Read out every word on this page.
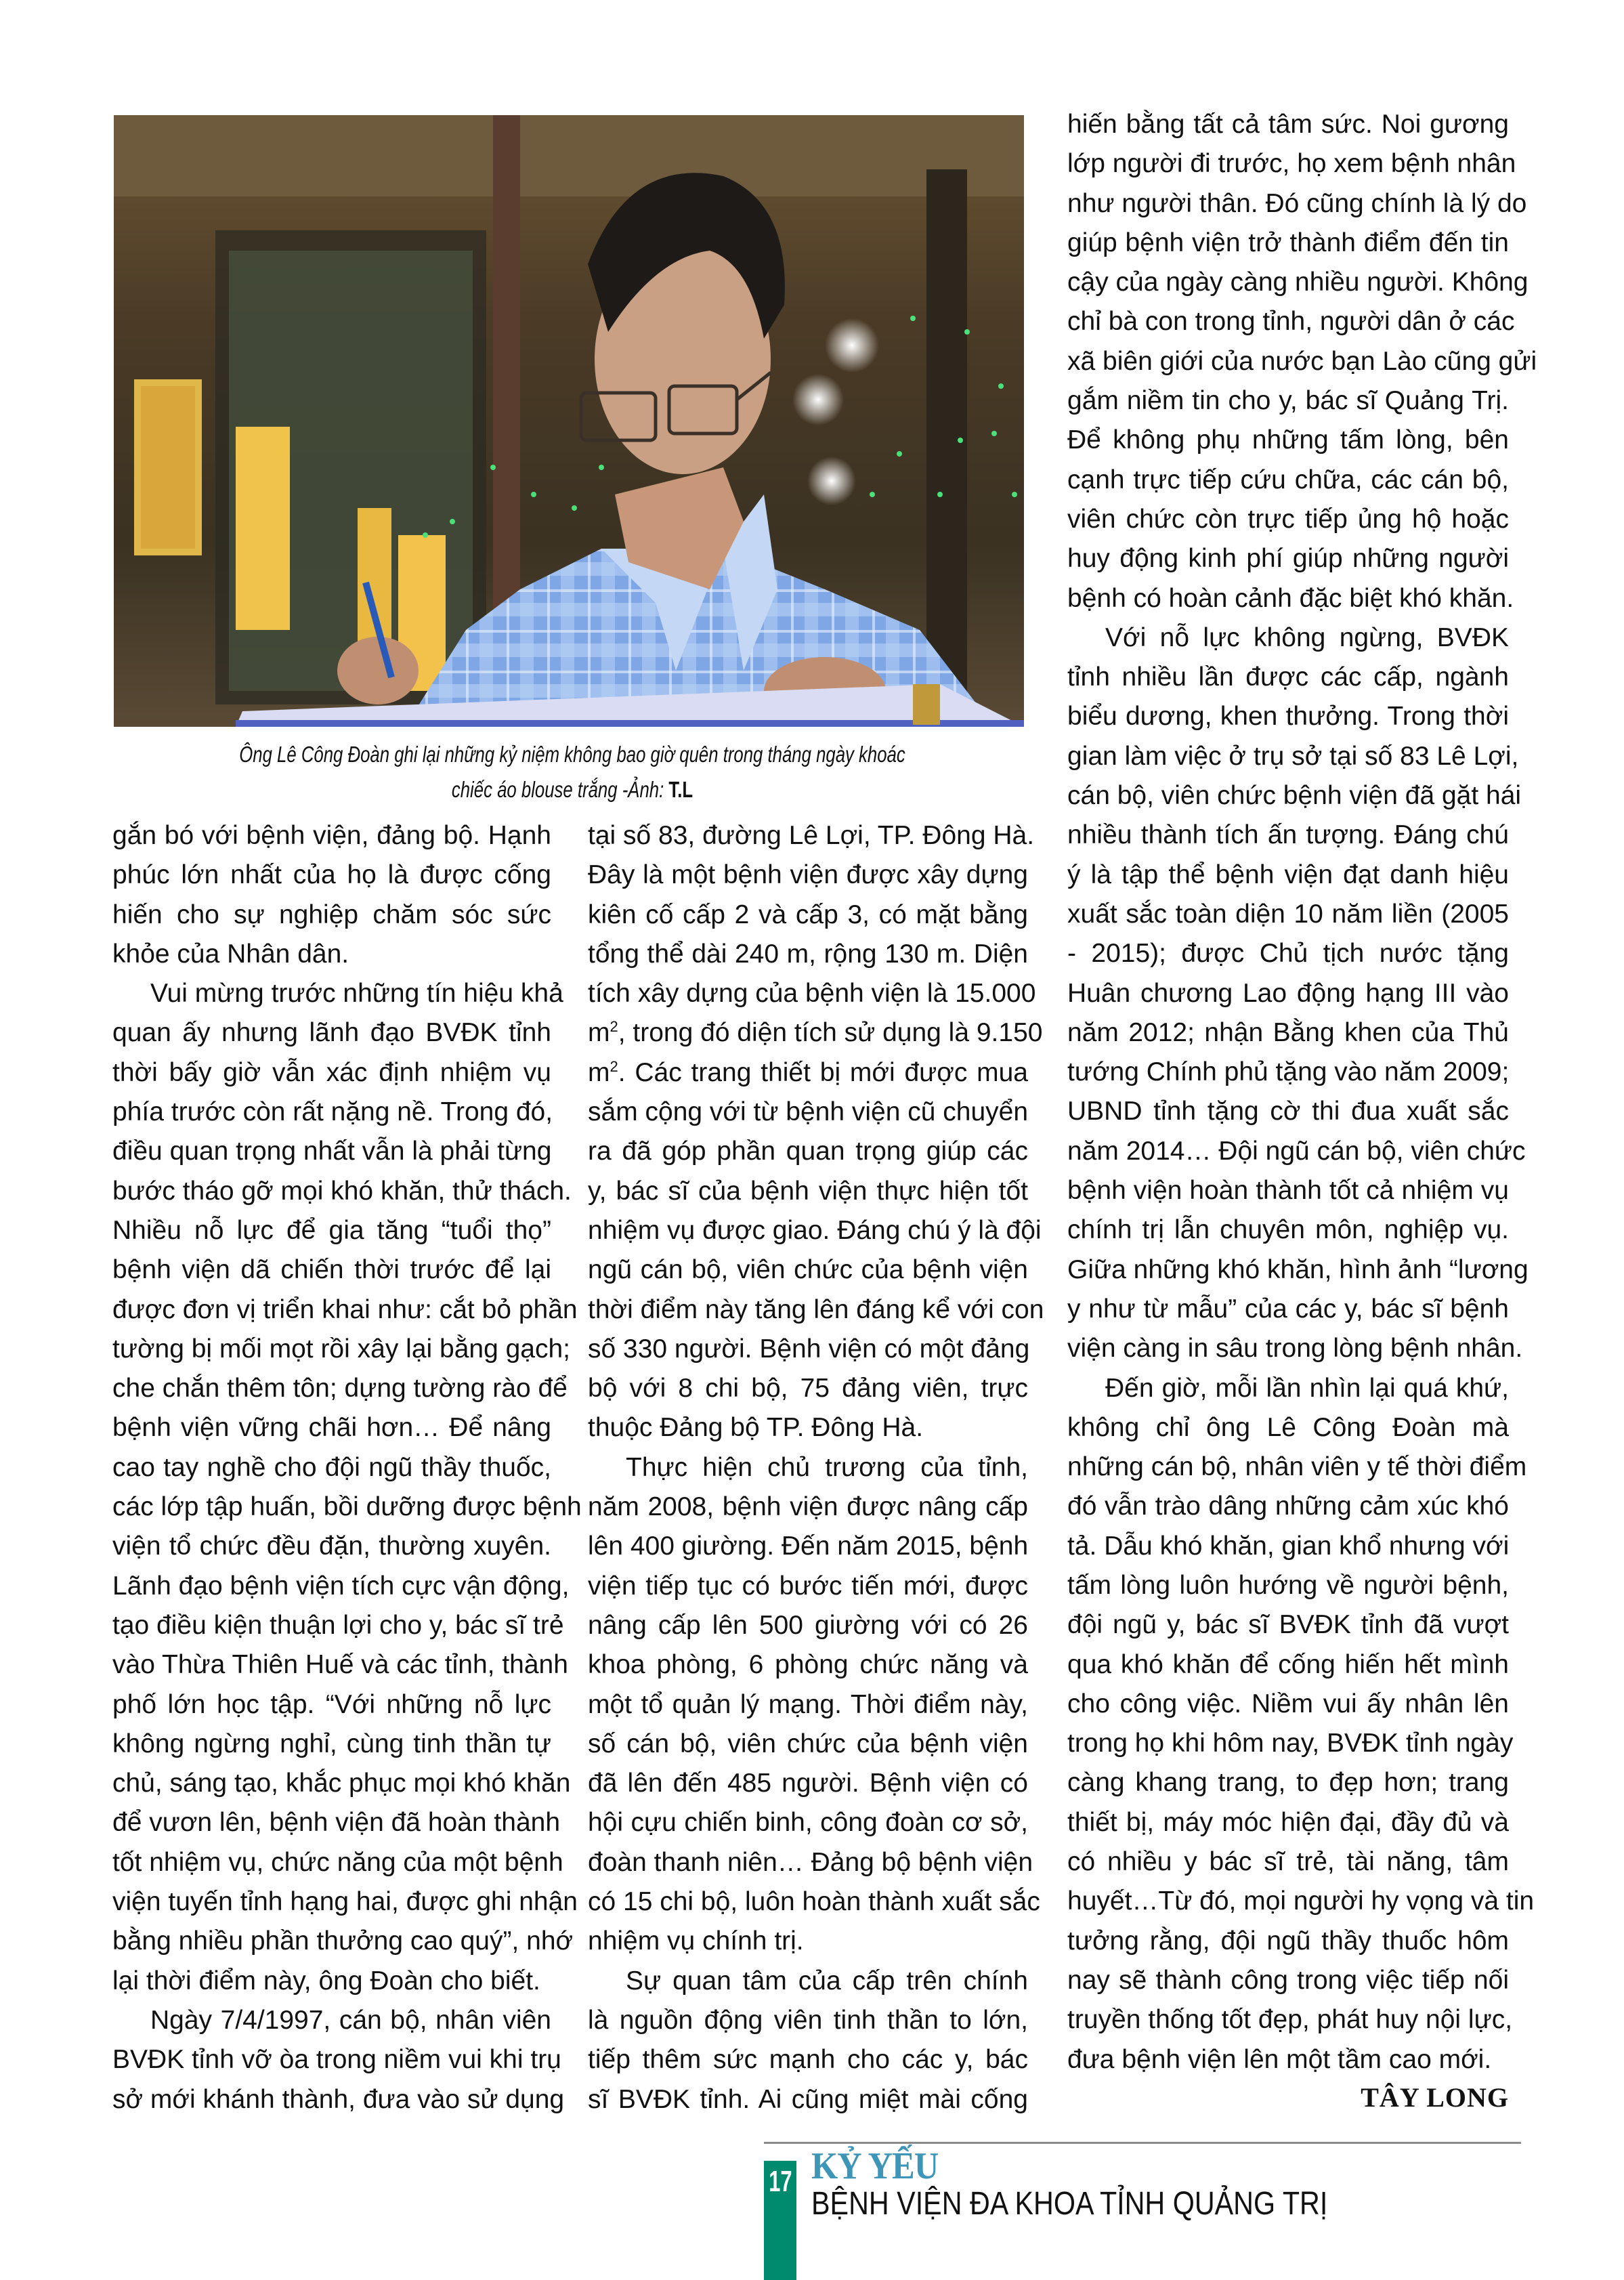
Ông Lê Công Đoàn ghi lại những kỷ niệm không bao giờ quên trong tháng ngày khoác
chiếc áo blouse trắng -Ảnh: T.L
gắn bó với bệnh viện, đảng bộ. Hạnh
phúc lớn nhất của họ là được cống
hiến cho sự nghiệp chăm sóc sức
khỏe của Nhân dân.
Vui mừng trước những tín hiệu khả
quan ấy nhưng lãnh đạo BVĐK tỉnh
thời bấy giờ vẫn xác định nhiệm vụ
phía trước còn rất nặng nề. Trong đó,
điều quan trọng nhất vẫn là phải từng
bước tháo gỡ mọi khó khăn, thử thách.
Nhiều nỗ lực để gia tăng “tuổi thọ”
bệnh viện dã chiến thời trước để lại
được đơn vị triển khai như: cắt bỏ phần
tường bị mối mọt rồi xây lại bằng gạch;
che chắn thêm tôn; dựng tường rào để
bệnh viện vững chãi hơn… Để nâng
cao tay nghề cho đội ngũ thầy thuốc,
các lớp tập huấn, bồi dưỡng được bệnh
viện tổ chức đều đặn, thường xuyên.
Lãnh đạo bệnh viện tích cực vận động,
tạo điều kiện thuận lợi cho y, bác sĩ trẻ
vào Thừa Thiên Huế và các tỉnh, thành
phố lớn học tập. “Với những nỗ lực
không ngừng nghỉ, cùng tinh thần tự
chủ, sáng tạo, khắc phục mọi khó khăn
để vươn lên, bệnh viện đã hoàn thành
tốt nhiệm vụ, chức năng của một bệnh
viện tuyến tỉnh hạng hai, được ghi nhận
bằng nhiều phần thưởng cao quý”, nhớ
lại thời điểm này, ông Đoàn cho biết.
Ngày 7/4/1997, cán bộ, nhân viên
BVĐK tỉnh vỡ òa trong niềm vui khi trụ
sở mới khánh thành, đưa vào sử dụng
tại số 83, đường Lê Lợi, TP. Đông Hà.
Đây là một bệnh viện được xây dựng
kiên cố cấp 2 và cấp 3, có mặt bằng
tổng thể dài 240 m, rộng 130 m. Diện
tích xây dựng của bệnh viện là 15.000
$m^2$, trong đó diện tích sử dụng là 9.150
$m^2$. Các trang thiết bị mới được mua
sắm cộng với từ bệnh viện cũ chuyển
ra đã góp phần quan trọng giúp các
y, bác sĩ của bệnh viện thực hiện tốt
nhiệm vụ được giao. Đáng chú ý là đội
ngũ cán bộ, viên chức của bệnh viện
thời điểm này tăng lên đáng kể với con
số 330 người. Bệnh viện có một đảng
bộ với 8 chi bộ, 75 đảng viên, trực
thuộc Đảng bộ TP. Đông Hà.
Thực hiện chủ trương của tỉnh,
năm 2008, bệnh viện được nâng cấp
lên 400 giường. Đến năm 2015, bệnh
viện tiếp tục có bước tiến mới, được
nâng cấp lên 500 giường với có 26
khoa phòng, 6 phòng chức năng và
một tổ quản lý mạng. Thời điểm này,
số cán bộ, viên chức của bệnh viện
đã lên đến 485 người. Bệnh viện có
hội cựu chiến binh, công đoàn cơ sở,
đoàn thanh niên… Đảng bộ bệnh viện
có 15 chi bộ, luôn hoàn thành xuất sắc
nhiệm vụ chính trị.
Sự quan tâm của cấp trên chính
là nguồn động viên tinh thần to lớn,
tiếp thêm sức mạnh cho các y, bác
sĩ BVĐK tỉnh. Ai cũng miệt mài cống
hiến bằng tất cả tâm sức. Noi gương
lớp người đi trước, họ xem bệnh nhân
như người thân. Đó cũng chính là lý do
giúp bệnh viện trở thành điểm đến tin
cậy của ngày càng nhiều người. Không
chỉ bà con trong tỉnh, người dân ở các
xã biên giới của nước bạn Lào cũng gửi
gắm niềm tin cho y, bác sĩ Quảng Trị.
Để không phụ những tấm lòng, bên
cạnh trực tiếp cứu chữa, các cán bộ,
viên chức còn trực tiếp ủng hộ hoặc
huy động kinh phí giúp những người
bệnh có hoàn cảnh đặc biệt khó khăn.
Với nỗ lực không ngừng, BVĐK
tỉnh nhiều lần được các cấp, ngành
biểu dương, khen thưởng. Trong thời
gian làm việc ở trụ sở tại số 83 Lê Lợi,
cán bộ, viên chức bệnh viện đã gặt hái
nhiều thành tích ấn tượng. Đáng chú
ý là tập thể bệnh viện đạt danh hiệu
xuất sắc toàn diện 10 năm liền (2005
- 2015); được Chủ tịch nước tặng
Huân chương Lao động hạng III vào
năm 2012; nhận Bằng khen của Thủ
tướng Chính phủ tặng vào năm 2009;
UBND tỉnh tặng cờ thi đua xuất sắc
năm 2014… Đội ngũ cán bộ, viên chức
bệnh viện hoàn thành tốt cả nhiệm vụ
chính trị lẫn chuyên môn, nghiệp vụ.
Giữa những khó khăn, hình ảnh “lương
y như từ mẫu” của các y, bác sĩ bệnh
viện càng in sâu trong lòng bệnh nhân.
Đến giờ, mỗi lần nhìn lại quá khứ,
không chỉ ông Lê Công Đoàn mà
những cán bộ, nhân viên y tế thời điểm
đó vẫn trào dâng những cảm xúc khó
tả. Dẫu khó khăn, gian khổ nhưng với
tấm lòng luôn hướng về người bệnh,
đội ngũ y, bác sĩ BVĐK tỉnh đã vượt
qua khó khăn để cống hiến hết mình
cho công việc. Niềm vui ấy nhân lên
trong họ khi hôm nay, BVĐK tỉnh ngày
càng khang trang, to đẹp hơn; trang
thiết bị, máy móc hiện đại, đầy đủ và
có nhiều y bác sĩ trẻ, tài năng, tâm
huyết…Từ đó, mọi người hy vọng và tin
tưởng rằng, đội ngũ thầy thuốc hôm
nay sẽ thành công trong việc tiếp nối
truyền thống tốt đẹp, phát huy nội lực,
đưa bệnh viện lên một tầm cao mới.
TÂY LONG
17 KỶ YẾU
BỆNH VIỆN ĐA KHOA TỈNH QUẢNG TRỊ
